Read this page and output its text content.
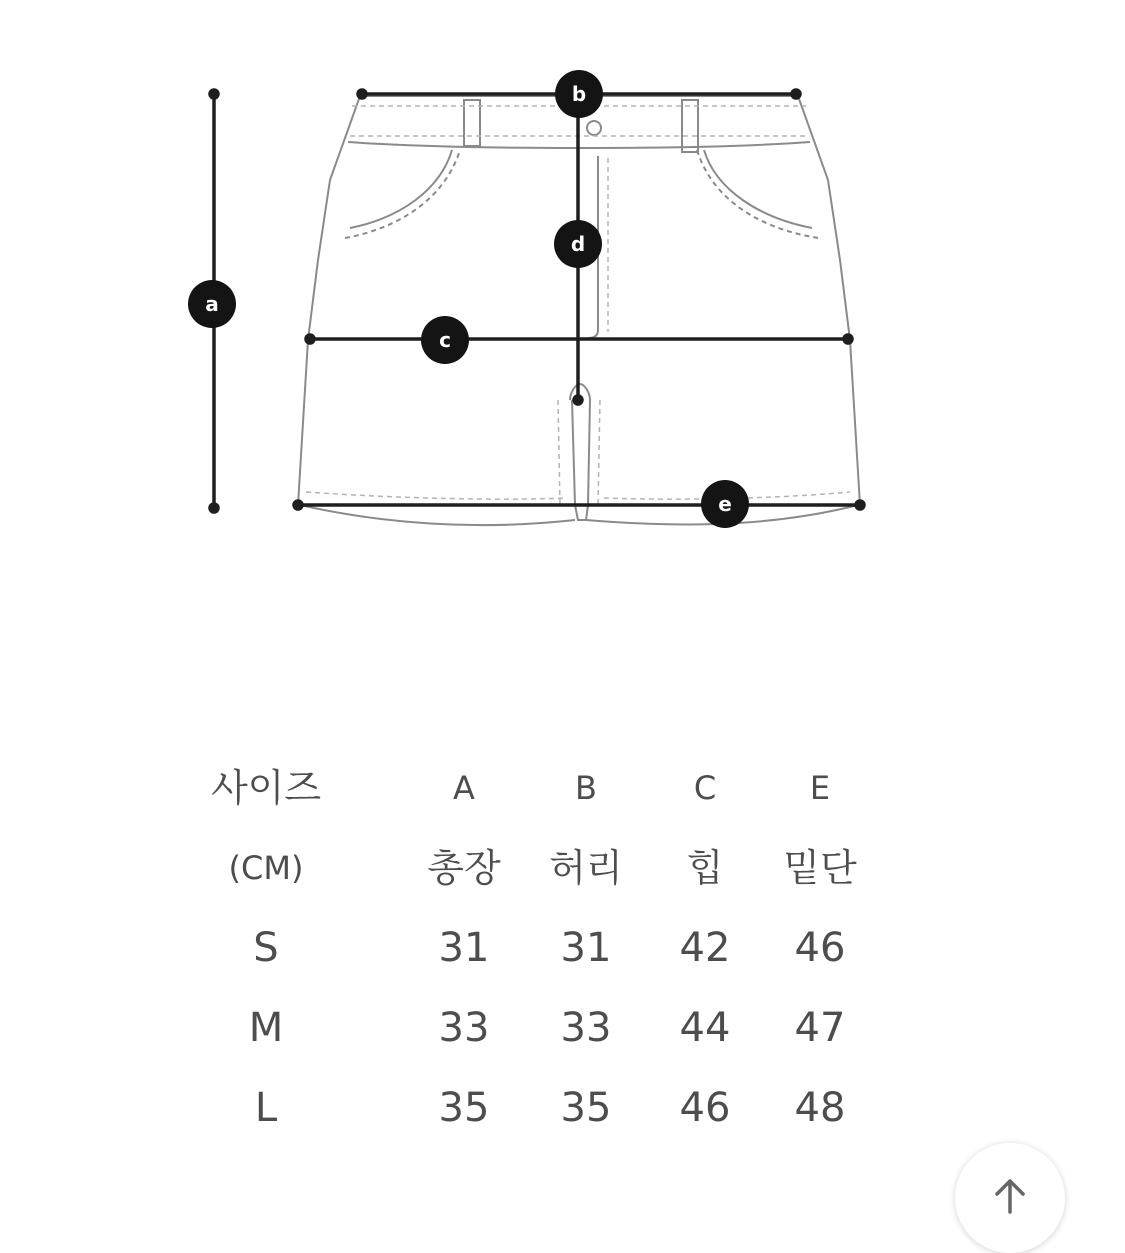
a
b
c
d
e
사이즈	A	B	C	E
(CM)	총장	허리	힙	밑단
S	31	31	42	46
M	33	33	44	47
L	35	35	46	48
